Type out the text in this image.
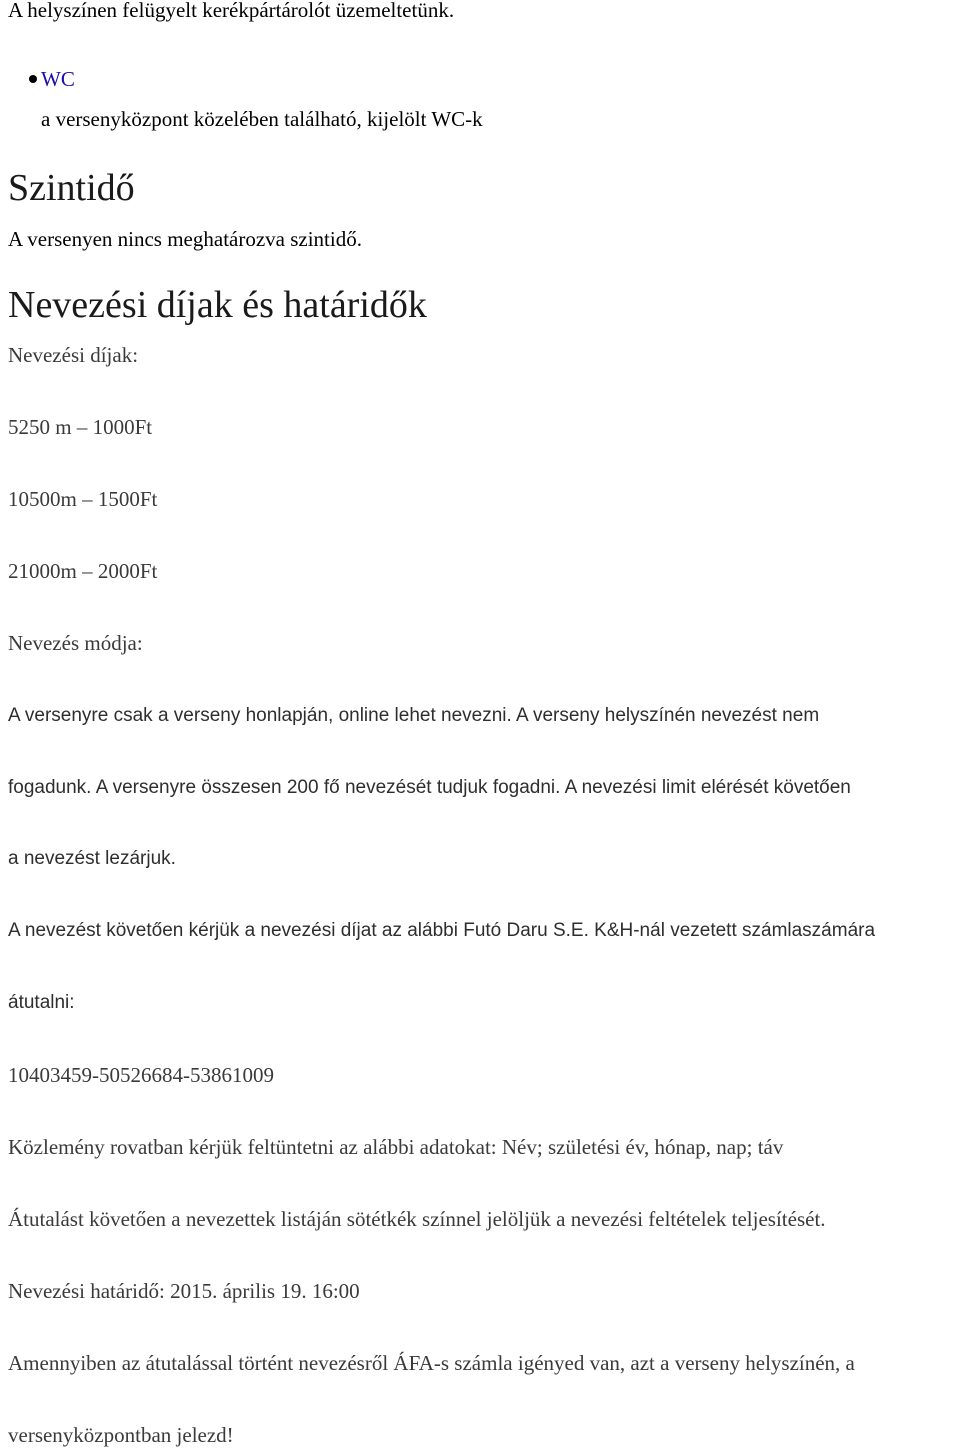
A helyszínen felügyelt kerékpártárolót üzemeltetünk.
WC
a versenyközpont közelében található, kijelölt WC-k
Szintidő
A versenyen nincs meghatározva szintidő.
Nevezési díjak és határidők
Nevezési díjak:
5250 m – 1000Ft
10500m – 1500Ft
21000m – 2000Ft
Nevezés módja:
A versenyre csak a verseny honlapján, online lehet nevezni. A verseny helyszínén nevezést nem
fogadunk. A versenyre összesen 200 fő nevezését tudjuk fogadni. A nevezési limit elérését követően
a nevezést lezárjuk.
A nevezést követően kérjük a nevezési díjat az alábbi Futó Daru S.E. K&H-nál vezetett számlaszámára
átutalni:
10403459-50526684-53861009
Közlemény rovatban kérjük feltüntetni az alábbi adatokat: Név; születési év, hónap, nap; táv
Átutalást követően a nevezettek listáján sötétkék színnel jelöljük a nevezési feltételek teljesítését.
Nevezési határidő: 2015. április 19. 16:00
Amennyiben az átutalással történt nevezésről ÁFA-s számla igényed van, azt a verseny helyszínén, a
versenyközpontban jelezd!
